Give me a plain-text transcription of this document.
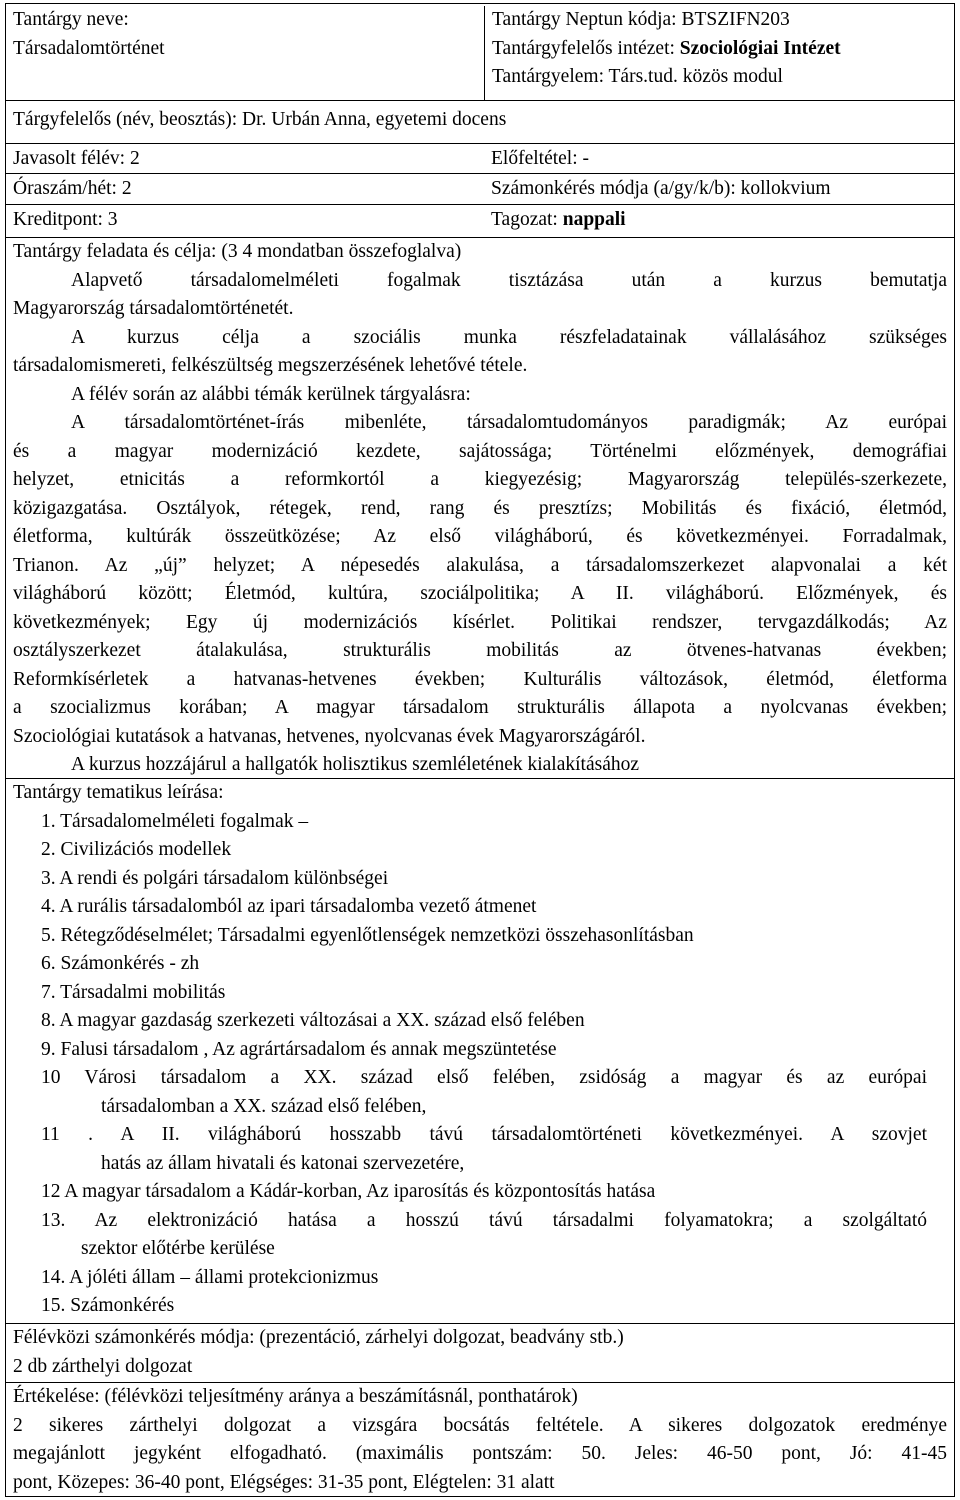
Tantárgy neve:
Társadalomtörténet
Tantárgy Neptun kódja: BTSZIFN203
Tantárgyfelelős intézet: Szociológiai Intézet
Tantárgyelem: Társ.tud. közös modul
Tárgyfelelős (név, beosztás): Dr. Urbán Anna, egyetemi docens
Javasolt félév: 2	Előfeltétel: -
Óraszám/hét: 2	Számonkérés módja (a/gy/k/b): kollokvium
Kreditpont: 3	Tagozat: nappali
Tantárgy feladata és célja: (3 4 mondatban összefoglalva)
Alapvető társadalomelméleti fogalmak tisztázása után a kurzus bemutatja
Magyarország társadalomtörténetét.
A kurzus célja a szociális munka részfeladatainak vállalásához szükséges
társadalomismereti, felkészültség megszerzésének lehetővé tétele.
A félév során az alábbi témák kerülnek tárgyalásra:
A társadalomtörténet-írás mibenléte, társadalomtudományos paradigmák; Az európai
és a magyar modernizáció kezdete, sajátossága; Történelmi előzmények, demográfiai
helyzet, etnicitás a reformkortól a kiegyezésig; Magyarország település-szerkezete,
közigazgatása. Osztályok, rétegek, rend, rang és presztízs; Mobilitás és fixáció, életmód,
életforma, kultúrák összeütközése; Az első világháború, és következményei. Forradalmak,
Trianon. Az „új” helyzet; A népesedés alakulása, a társadalomszerkezet alapvonalai a két
világháború között; Életmód, kultúra, szociálpolitika; A II. világháború. Előzmények, és
következmények; Egy új modernizációs kísérlet. Politikai rendszer, tervgazdálkodás; Az
osztályszerkezet átalakulása, strukturális mobilitás az ötvenes-hatvanas években;
Reformkísérletek a hatvanas-hetvenes években; Kulturális változások, életmód, életforma
a szocializmus korában; A magyar társadalom strukturális állapota a nyolcvanas években;
Szociológiai kutatások a hatvanas, hetvenes, nyolcvanas évek Magyarországáról.
A kurzus hozzájárul a hallgatók holisztikus szemléletének kialakításához
Tantárgy tematikus leírása:
1. Társadalomelméleti fogalmak –
2. Civilizációs modellek
3. A rendi és polgári társadalom különbségei
4. A rurális társadalomból az ipari társadalomba vezető átmenet
5. Rétegződéselmélet; Társadalmi egyenlőtlenségek nemzetközi összehasonlításban
6. Számonkérés - zh
7. Társadalmi mobilitás
8. A magyar gazdaság szerkezeti változásai a XX. század első felében
9. Falusi társadalom , Az agrártársadalom és annak megszüntetése
10 Városi társadalom a XX. század első felében, zsidóság a magyar és az európai
társadalomban a XX. század első felében,
11 . A II. világháború hosszabb távú társadalomtörténeti következményei. A szovjet
hatás az állam hivatali és katonai szervezetére,
12 A magyar társadalom a Kádár-korban, Az iparosítás és központosítás hatása
13. Az elektronizáció hatása a hosszú távú társadalmi folyamatokra; a szolgáltató
szektor előtérbe kerülése
14. A jóléti állam – állami protekcionizmus
15. Számonkérés
Félévközi számonkérés módja: (prezentáció, zárhelyi dolgozat, beadvány stb.)
2 db zárthelyi dolgozat
Értékelése: (félévközi teljesítmény aránya a beszámításnál, ponthatárok)
2 sikeres zárthelyi dolgozat a vizsgára bocsátás feltétele. A sikeres dolgozatok eredménye
megajánlott jegyként elfogadható. (maximális pontszám: 50. Jeles: 46-50 pont, Jó: 41-45
pont, Közepes: 36-40 pont, Elégséges: 31-35 pont, Elégtelen: 31 alatt
